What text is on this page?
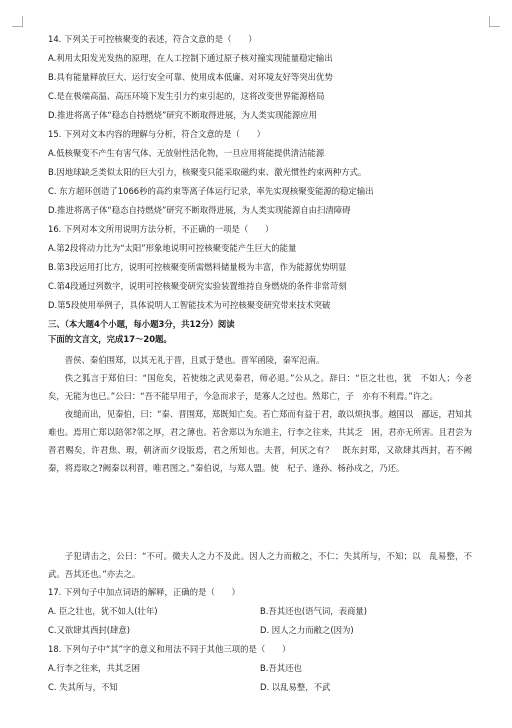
14. 下列关于可控核聚变的表述，符合文意的是（　　）
A.利用太阳发光发热的原理，在人工控制下通过原子核对撞实现能量稳定输出
B.具有能量释放巨大、运行安全可靠、使用成本低廉、对环境友好等突出优势
C.是在极端高温、高压环境下发生引力约束引起的，这将改变世界能源格局
D.推进将离子体“稳态自持燃烧”研究不断取得进展，为人类实现能源应用
15. 下列对文本内容的理解与分析，符合文意的是（　　）
A.低核聚变不产生有害气体、无放射性活化物，一旦应用将能提供清洁能源
B.因地球缺乏类似太阳的巨大引力，核聚变只能采取磁约束、激光惯性约束两种方式。
C. 东方超环创造了1066秒的高约束等离子体运行记录，率先实现核聚变能源的稳定输出
D.推进将离子体“稳态自持燃烧”研究不断取得进展，为人类实现能源自由扫清障碍
16. 下列对本文所用说明方法分析，不正确的一项是（　　）
A.第2段将动力比为“太阳”形象地说明可控核聚变能产生巨大的能量
B.第3段运用打比方，说明可控核聚变所需燃料储量极为丰富，作为能源优势明显
C.第4段通过列数字，说明可控核聚变研究实验装置维持自身燃烧的条件非常苛刻
D.第5段使用举例子，具体说明人工智能技术为可控核聚变研究带来技术突破
三、（本大题4个小题，每小题3分，共12分）阅读
下面的文言文，完成17～20题。
晋侯、秦伯围郑，以其无礼于晋，且贰于楚也。晋军函陵，秦军氾南。
佚之狐言于郑伯曰：“国危矣，若使烛之武见秦君，师必退。”公从之。辞曰：“臣之壮也，犹　不如人；今老矣，无能为也已。”公曰：“吾不能早用子，今急而求子，是寡人之过也。然郑亡，子　亦有不利焉。”许之。
夜缒而出，见秦伯，曰：“秦、晋围郑，郑既知亡矣。若亡郑而有益于君，敢以烦执事。越国以　鄙远，君知其难也。焉用亡郑以陪邻?邻之厚，君之薄也。若舍郑以为东道主，行李之往来，共其乏　困，君亦无所害。且君尝为晋君赐矣，许君焦、瑕，朝济而夕设版焉，君之所知也。夫晋，何厌之有？　既东封郑，又欲肆其西封，若不阙秦，将焉取之?阙秦以利晋，唯君图之。”秦伯说，与郑人盟。使　杞子、逢孙、杨孙戍之，乃还。
子犯请击之，公曰：“不可。微夫人之力不及此。因人之力而敝之，不仁；失其所与，不知；以　乱易整，不武。吾其还也。”亦去之。
17. 下列句子中加点词语的解释，正确的是（　　）
A. 臣之壮也，犹不如人(壮年)	B.吾其还也(语气词，表商量)
C.又欲肆其西封(肆意)	D. 因人之力而敝之(因为)
18. 下列句子中“其”字的意义和用法不同于其他三项的是（　　）
A.行李之往来，共其乏困	B.吾其还也
C. 失其所与，不知	D. 以乱易整，不武
